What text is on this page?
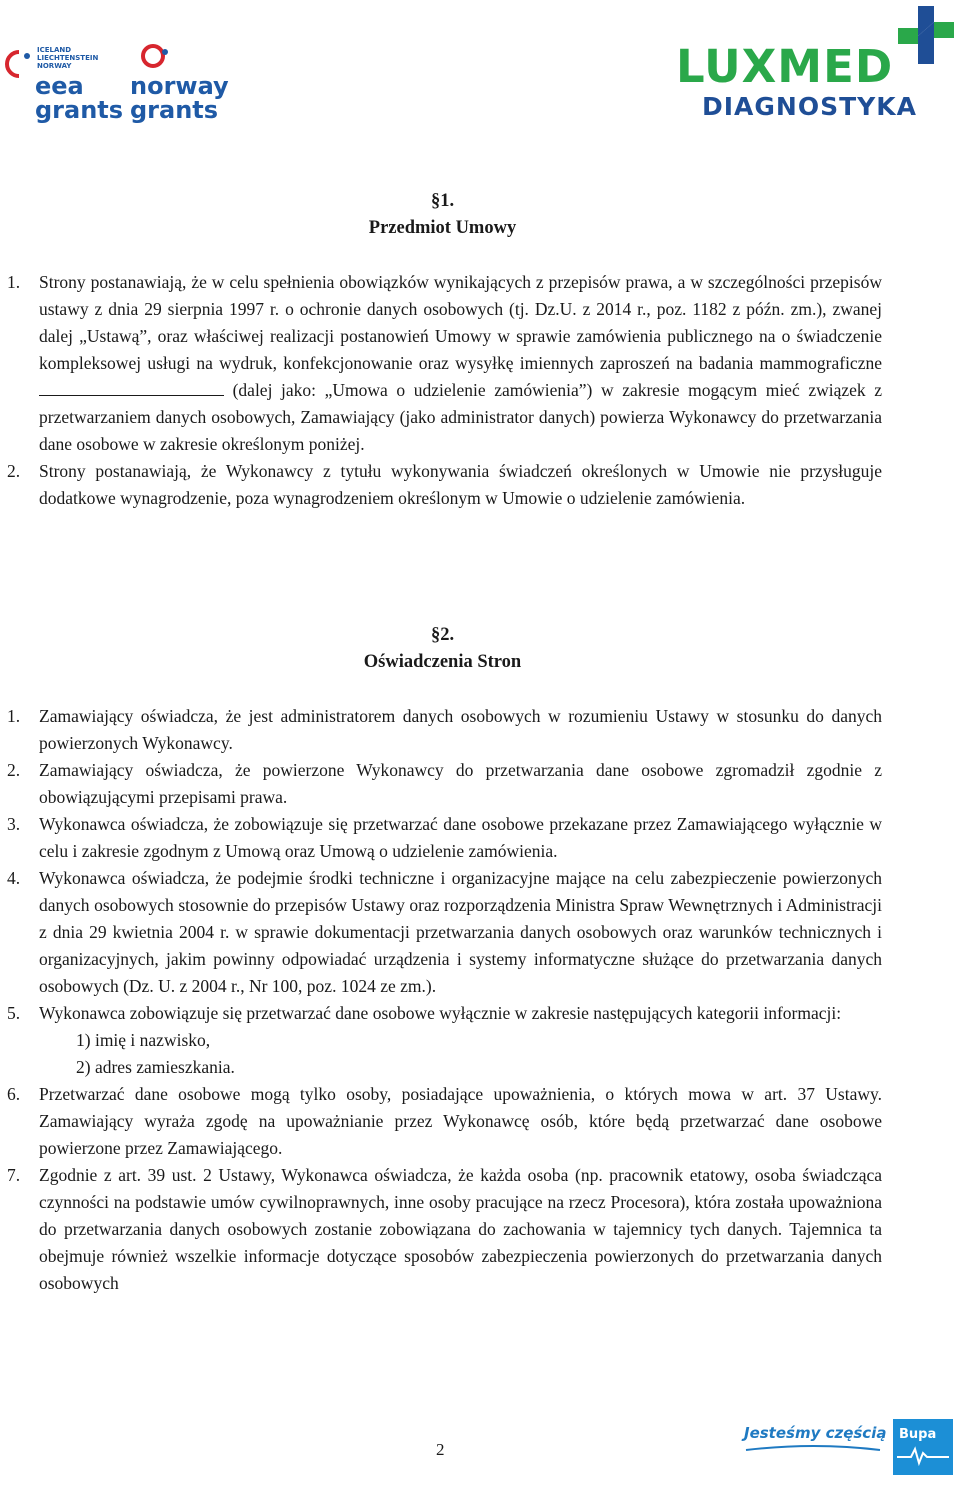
ICELAND
LIECHTENSTEIN
NORWAY
eea
grants
norway
grants
LUXMED
DIAGNOSTYKA
§1.
Przedmiot Umowy
1. Strony postanawiają, że w celu spełnienia obowiązków wynikających z przepisów prawa, a w szczególności przepisów ustawy z dnia 29 sierpnia 1997 r. o ochronie danych osobowych (tj. Dz.U. z 2014 r., poz. 1182 z późn. zm.), zwanej dalej „Ustawą”, oraz właściwej realizacji postanowień Umowy w sprawie zamówienia publicznego na o świadczenie kompleksowej usługi na wydruk, konfekcjonowanie oraz wysyłkę imiennych zaproszeń na badania mammograficzne (dalej jako: „Umowa o udzielenie zamówienia”) w zakresie mogącym mieć związek z przetwarzaniem danych osobowych, Zamawiający (jako administrator danych) powierza Wykonawcy do przetwarzania dane osobowe w zakresie określonym poniżej.
2. Strony postanawiają, że Wykonawcy z tytułu wykonywania świadczeń określonych w Umowie nie przysługuje dodatkowe wynagrodzenie, poza wynagrodzeniem określonym w Umowie o udzielenie zamówienia.
§2.
Oświadczenia Stron
1. Zamawiający oświadcza, że jest administratorem danych osobowych w rozumieniu Ustawy w stosunku do danych powierzonych Wykonawcy.
2. Zamawiający oświadcza, że powierzone Wykonawcy do przetwarzania dane osobowe zgromadził zgodnie z obowiązującymi przepisami prawa.
3. Wykonawca oświadcza, że zobowiązuje się przetwarzać dane osobowe przekazane przez Zamawiającego wyłącznie w celu i zakresie zgodnym z Umową oraz Umową o udzielenie zamówienia.
4. Wykonawca oświadcza, że podejmie środki techniczne i organizacyjne mające na celu zabezpieczenie powierzonych danych osobowych stosownie do przepisów Ustawy oraz rozporządzenia Ministra Spraw Wewnętrznych i Administracji z dnia 29 kwietnia 2004 r. w sprawie dokumentacji przetwarzania danych osobowych oraz warunków technicznych i organizacyjnych, jakim powinny odpowiadać urządzenia i systemy informatyczne służące do przetwarzania danych osobowych (Dz. U. z 2004 r., Nr 100, poz. 1024 ze zm.).
5. Wykonawca zobowiązuje się przetwarzać dane osobowe wyłącznie w zakresie następujących kategorii informacji:
1) imię i nazwisko,
2) adres zamieszkania.
6. Przetwarzać dane osobowe mogą tylko osoby, posiadające upoważnienia, o których mowa w art. 37 Ustawy. Zamawiający wyraża zgodę na upoważnianie przez Wykonawcę osób, które będą przetwarzać dane osobowe powierzone przez Zamawiającego.
7. Zgodnie z art. 39 ust. 2 Ustawy, Wykonawca oświadcza, że każda osoba (np. pracownik etatowy, osoba świadcząca czynności na podstawie umów cywilnoprawnych, inne osoby pracujące na rzecz Procesora), która została upoważniona do przetwarzania danych osobowych zostanie zobowiązana do zachowania w tajemnicy tych danych. Tajemnica ta obejmuje również wszelkie informacje dotyczące sposobów zabezpieczenia powierzonych do przetwarzania danych osobowych
2
Jesteśmy częścią Bupa
